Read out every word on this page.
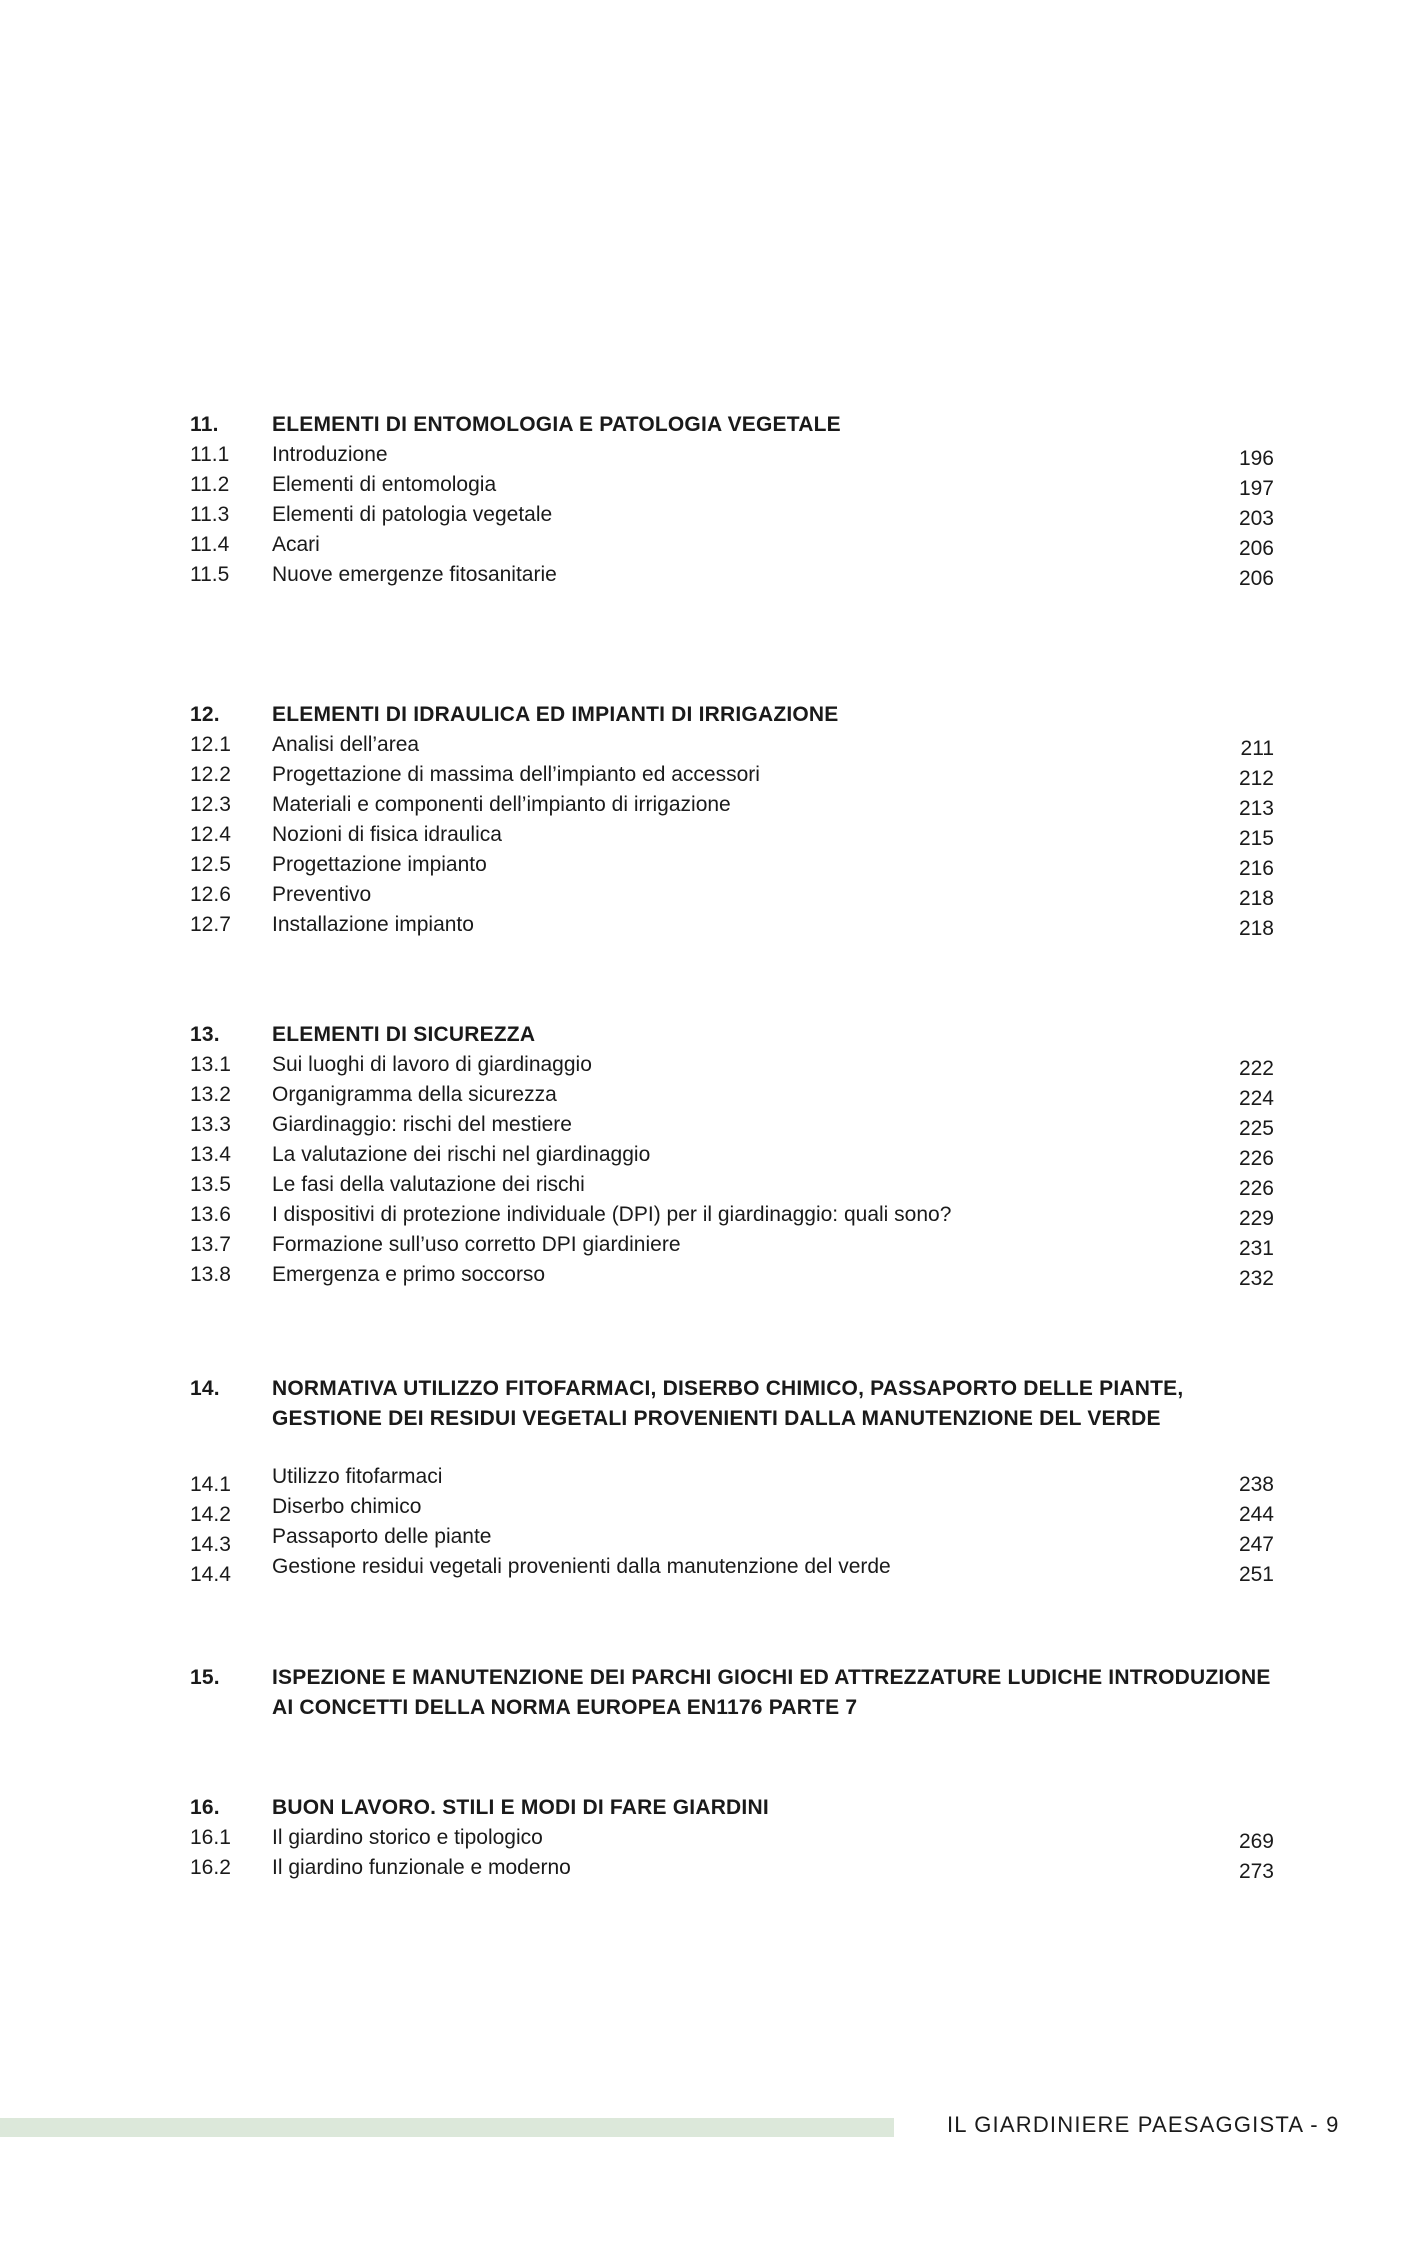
11.	ELEMENTI DI ENTOMOLOGIA E PATOLOGIA VEGETALE
11.1 Introduzione	196
11.2 Elementi di entomologia	197
11.3 Elementi di patologia vegetale	203
11.4 Acari	206
11.5 Nuove emergenze fitosanitarie	206
12. ELEMENTI DI IDRAULICA ED IMPIANTI DI IRRIGAZIONE
12.1 Analisi dell’area	211
12.2 Progettazione di massima dell’impianto ed accessori	212
12.3 Materiali e componenti dell’impianto di irrigazione	213
12.4 Nozioni di fisica idraulica	215
12.5 Progettazione impianto	216
12.6 Preventivo	218
12.7 Installazione impianto	218
13. ELEMENTI DI SICUREZZA
13.1 Sui luoghi di lavoro di giardinaggio	222
13.2 Organigramma della sicurezza	224
13.3 Giardinaggio: rischi del mestiere	225
13.4 La valutazione dei rischi nel giardinaggio	226
13.5 Le fasi della valutazione dei rischi	226
13.6 I dispositivi di protezione individuale (DPI) per il giardinaggio: quali sono?	229
13.7 Formazione sull’uso corretto DPI giardiniere	231
13.8 Emergenza e primo soccorso	232
14. NORMATIVA UTILIZZO FITOFARMACI, DISERBO CHIMICO, PASSAPORTO DELLE PIANTE, GESTIONE DEI RESIDUI VEGETALI PROVENIENTI DALLA MANUTENZIONE DEL VERDE
14.1 Utilizzo fitofarmaci	238
14.2 Diserbo chimico	244
14.3 Passaporto delle piante	247
14.4 Gestione residui vegetali provenienti dalla manutenzione del verde	251
15. ISPEZIONE E MANUTENZIONE DEI PARCHI GIOCHI ED ATTREZZATURE LUDICHE INTRODUZIONE AI CONCETTI DELLA NORMA EUROPEA EN1176 PARTE 7
16. BUON LAVORO. STILI E MODI DI FARE GIARDINI
16.1 Il giardino storico e tipologico	269
16.2 Il giardino funzionale e moderno	273
IL GIARDINIERE PAESAGGISTA - 9
